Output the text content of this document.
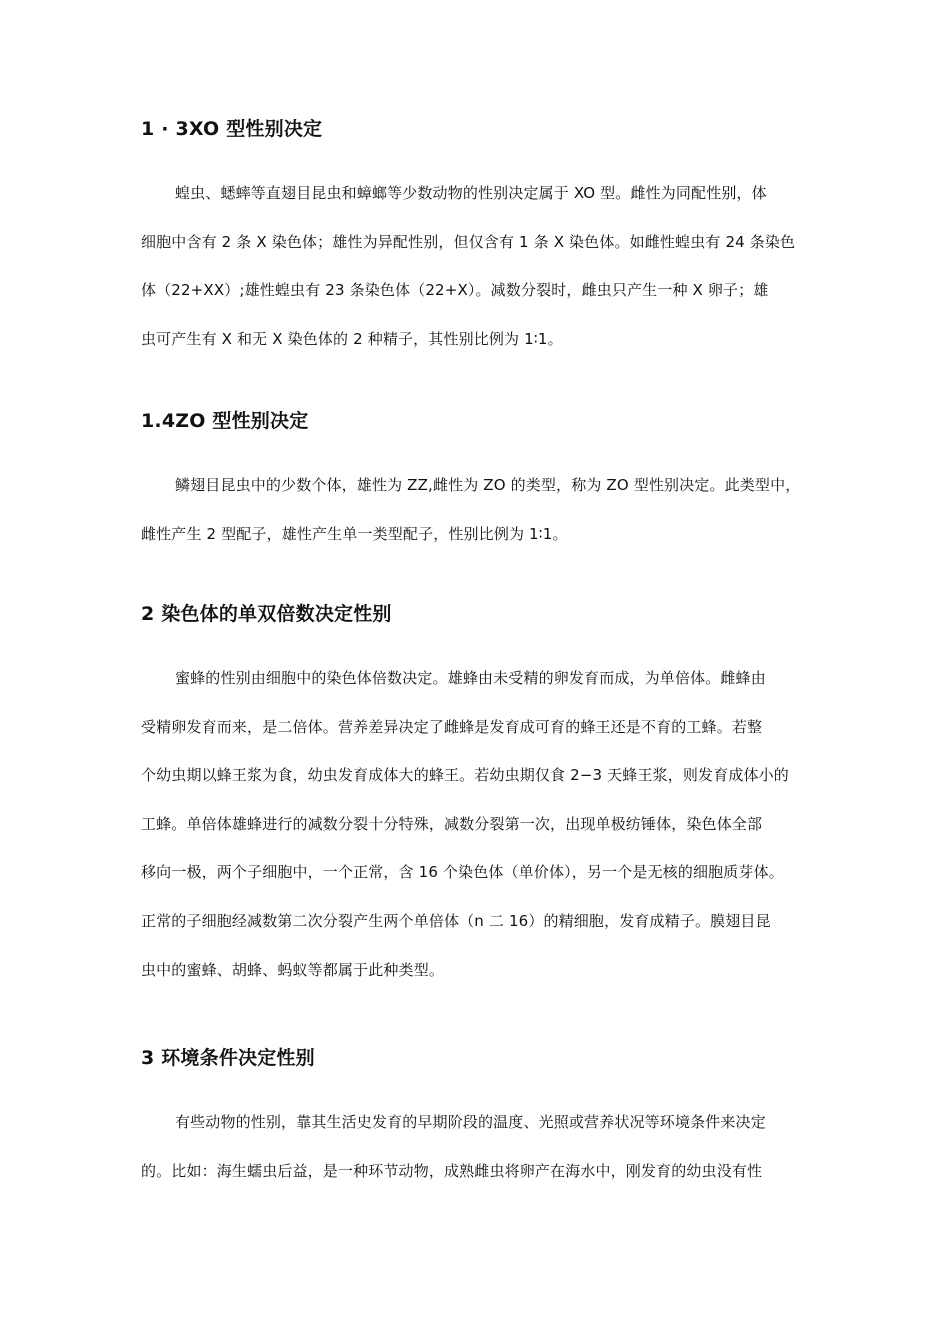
1 · 3XO 型性别决定
蝗虫、蟋蟀等直翅目昆虫和蟑螂等少数动物的性别决定属于 XO 型。雌性为同配性别，体
细胞中含有 2 条 X 染色体；雄性为异配性别，但仅含有 1 条 X 染色体。如雌性蝗虫有 24 条染色
体（22+XX）;雄性蝗虫有 23 条染色体（22+X）。减数分裂时，雌虫只产生一种 X 卵子；雄
虫可产生有 X 和无 X 染色体的 2 种精子，其性别比例为 1∶1。
1.4ZO 型性别决定
鳞翅目昆虫中的少数个体，雄性为 ZZ,雌性为 ZO 的类型，称为 ZO 型性别决定。此类型中，
雌性产生 2 型配子，雄性产生单一类型配子，性别比例为 1∶1。
2 染色体的单双倍数决定性别
蜜蜂的性别由细胞中的染色体倍数决定。雄蜂由未受精的卵发育而成，为单倍体。雌蜂由
受精卵发育而来，是二倍体。营养差异决定了雌蜂是发育成可育的蜂王还是不育的工蜂。若整
个幼虫期以蜂王浆为食，幼虫发育成体大的蜂王。若幼虫期仅食 2−3 天蜂王浆，则发育成体小的
工蜂。单倍体雄蜂进行的减数分裂十分特殊，减数分裂第一次，出现单极纺锤体，染色体全部
移向一极，两个子细胞中，一个正常，含 16 个染色体（单价体），另一个是无核的细胞质芽体。
正常的子细胞经减数第二次分裂产生两个单倍体（n 二 16）的精细胞，发育成精子。膜翅目昆
虫中的蜜蜂、胡蜂、蚂蚁等都属于此种类型。
3 环境条件决定性别
有些动物的性别，靠其生活史发育的早期阶段的温度、光照或营养状况等环境条件来决定
的。比如：海生蠕虫后益，是一种环节动物，成熟雌虫将卵产在海水中，刚发育的幼虫没有性
